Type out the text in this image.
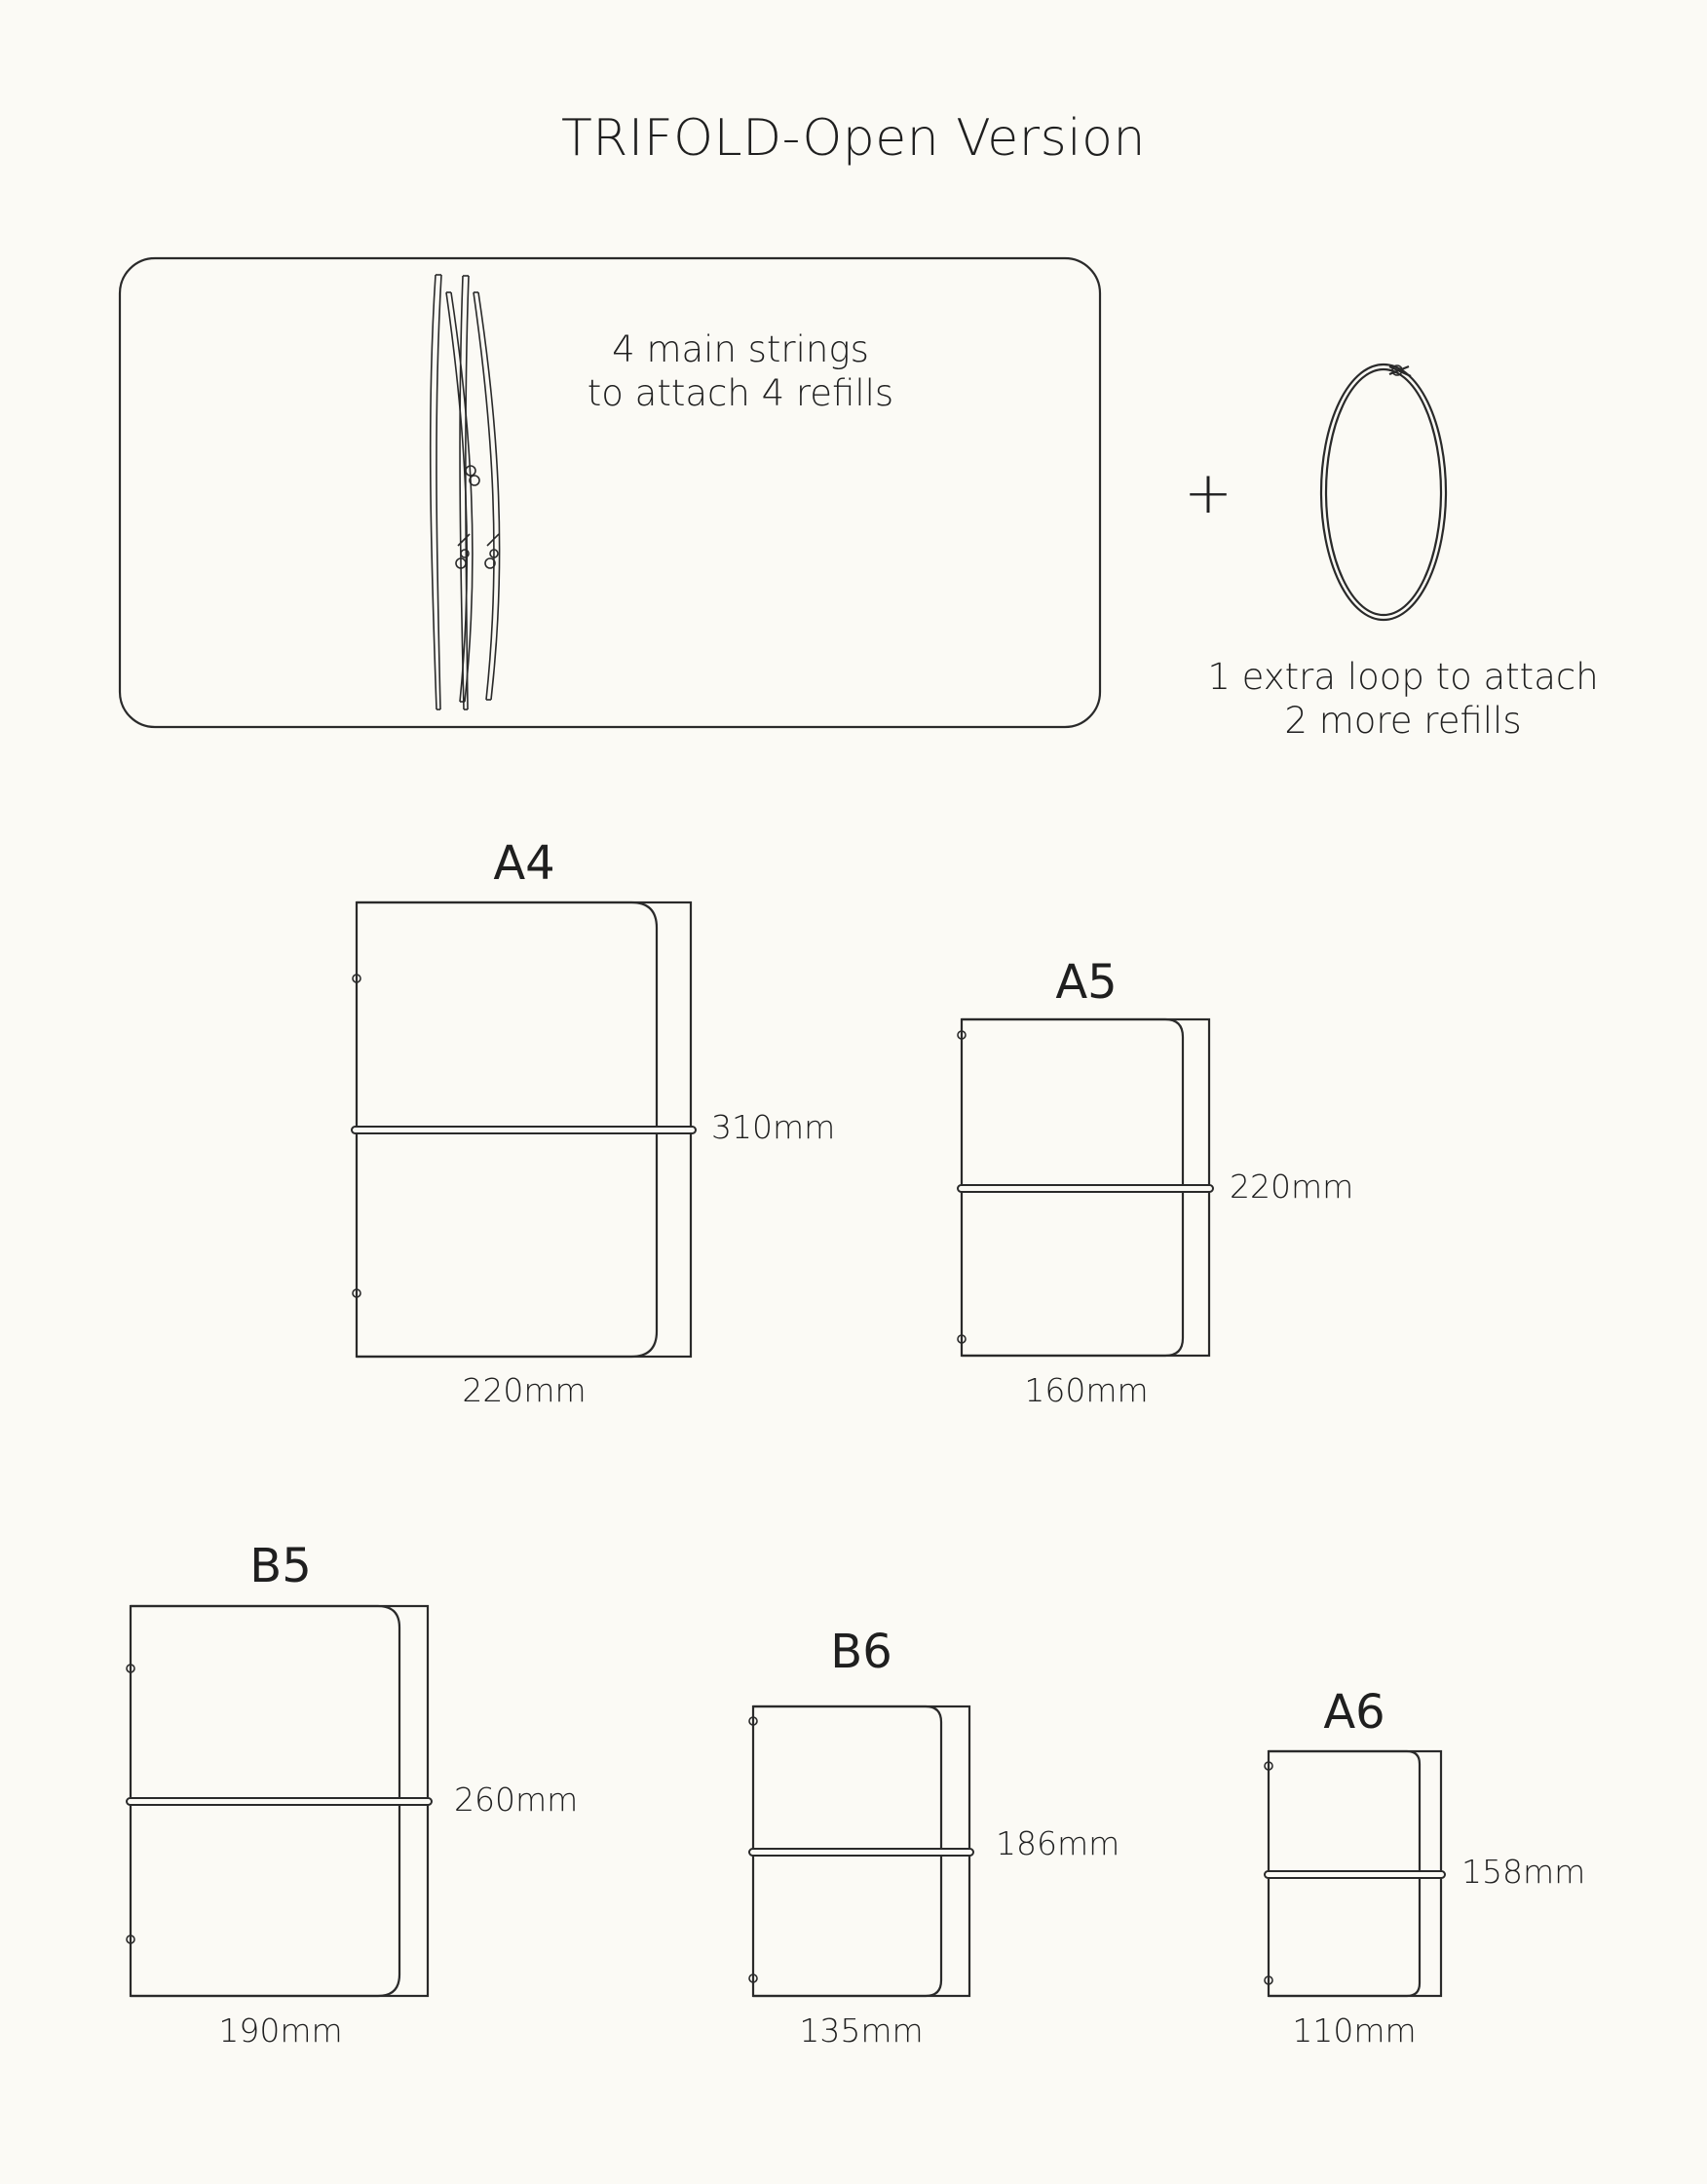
TRIFOLD-Open Version
4 main strings
to attach 4 refills
+
1 extra loop to attach
2 more refills
A4
310mm
220mm
A5
220mm
160mm
B5
260mm
190mm
B6
186mm
135mm
A6
158mm
110mm
